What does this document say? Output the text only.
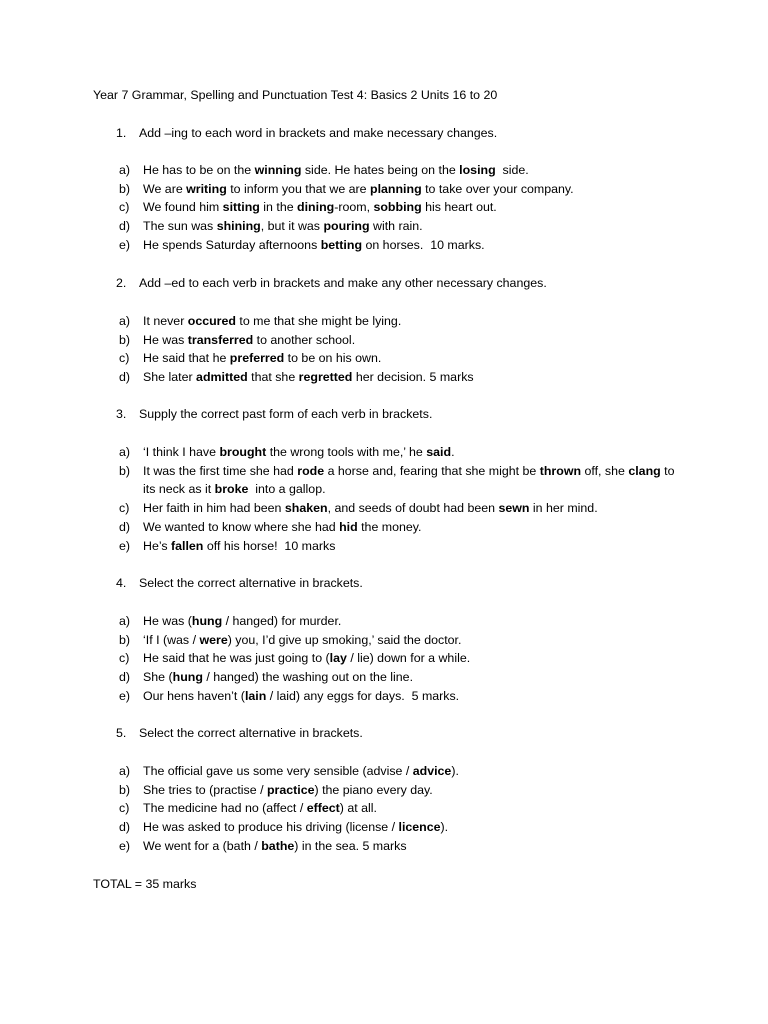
Year 7 Grammar, Spelling and Punctuation Test 4: Basics 2 Units 16 to 20
1. Add –ing to each word in brackets and make necessary changes.
a) He has to be on the winning side. He hates being on the losing  side.
b) We are writing to inform you that we are planning to take over your company.
c) We found him sitting in the dining-room, sobbing his heart out.
d) The sun was shining, but it was pouring with rain.
e) He spends Saturday afternoons betting on horses.  10 marks.
2. Add –ed to each verb in brackets and make any other necessary changes.
a) It never occured to me that she might be lying.
b) He was transferred to another school.
c) He said that he preferred to be on his own.
d) She later admitted that she regretted her decision. 5 marks
3. Supply the correct past form of each verb in brackets.
a) ‘I think I have brought the wrong tools with me,’ he said.
b) It was the first time she had rode a horse and, fearing that she might be thrown off, she clang to its neck as it broke  into a gallop.
c) Her faith in him had been shaken, and seeds of doubt had been sewn in her mind.
d) We wanted to know where she had hid the money.
e) He’s fallen off his horse!  10 marks
4. Select the correct alternative in brackets.
a) He was (hung / hanged) for murder.
b) ‘If I (was / were) you, I’d give up smoking,’ said the doctor.
c) He said that he was just going to (lay / lie) down for a while.
d) She (hung / hanged) the washing out on the line.
e) Our hens haven’t (lain / laid) any eggs for days.  5 marks.
5. Select the correct alternative in brackets.
a) The official gave us some very sensible (advise / advice).
b) She tries to (practise / practice) the piano every day.
c) The medicine had no (affect / effect) at all.
d) He was asked to produce his driving (license / licence).
e) We went for a (bath / bathe) in the sea. 5 marks
TOTAL = 35 marks
